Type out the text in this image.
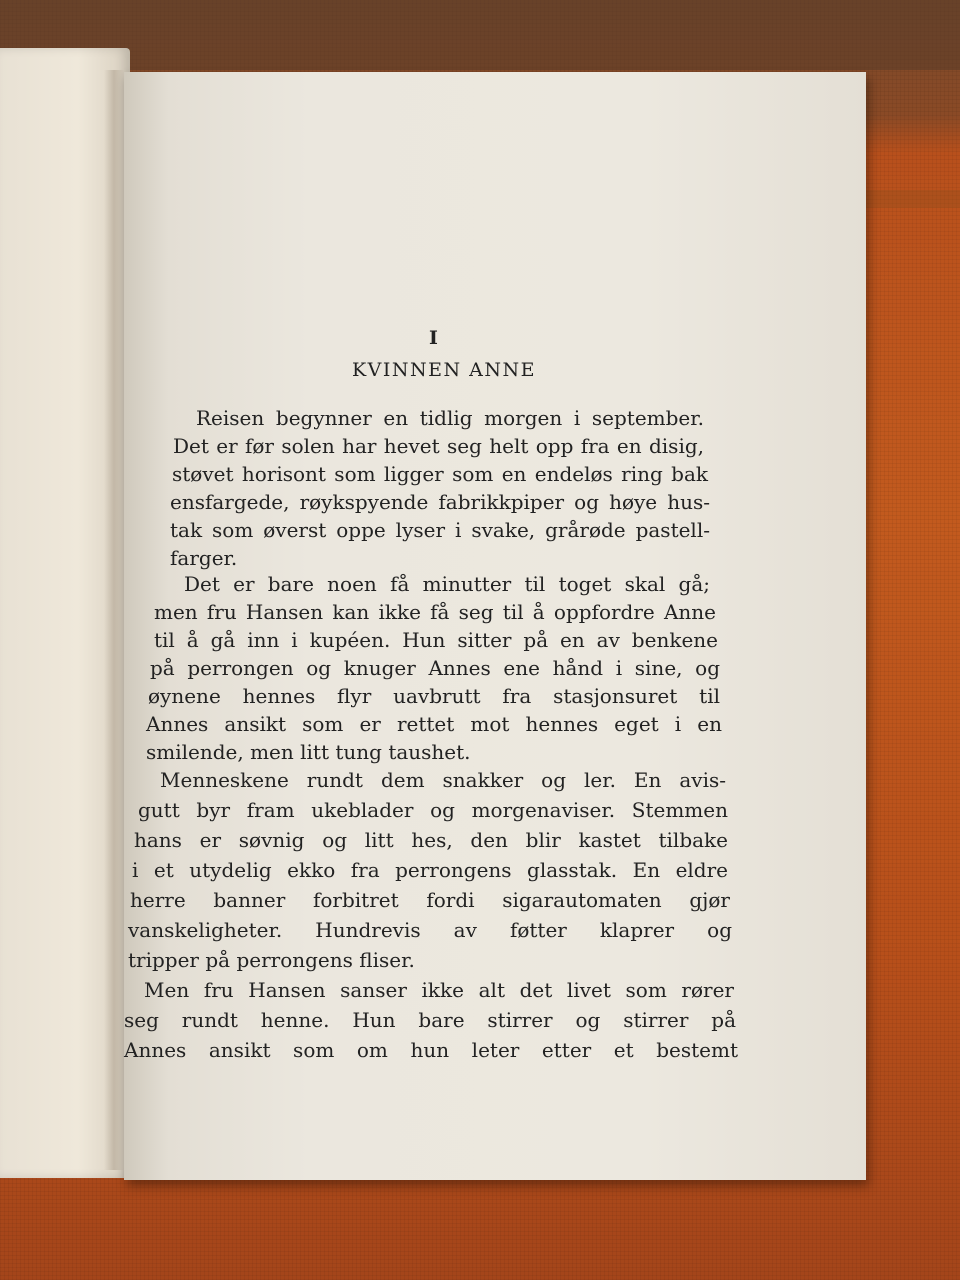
I
KVINNEN ANNE
Reisen begynner en tidlig morgen i september.
Det er før solen har hevet seg helt opp fra en disig,
støvet horisont som ligger som en endeløs ring bak
ensfargede, røykspyende fabrikkpiper og høye hus-
tak som øverst oppe lyser i svake, grårøde pastell-
farger.
Det er bare noen få minutter til toget skal gå;
men fru Hansen kan ikke få seg til å oppfordre Anne
til å gå inn i kupéen. Hun sitter på en av benkene
på perrongen og knuger Annes ene hånd i sine, og
øynene hennes flyr uavbrutt fra stasjonsuret til
Annes ansikt som er rettet mot hennes eget i en
smilende, men litt tung taushet.
Menneskene rundt dem snakker og ler. En avis-
gutt byr fram ukeblader og morgenaviser. Stemmen
hans er søvnig og litt hes, den blir kastet tilbake
i et utydelig ekko fra perrongens glasstak. En eldre
herre banner forbitret fordi sigarautomaten gjør
vanskeligheter. Hundrevis av føtter klaprer og
tripper på perrongens fliser.
Men fru Hansen sanser ikke alt det livet som rører
seg rundt henne. Hun bare stirrer og stirrer på
Annes ansikt som om hun leter etter et bestemt
